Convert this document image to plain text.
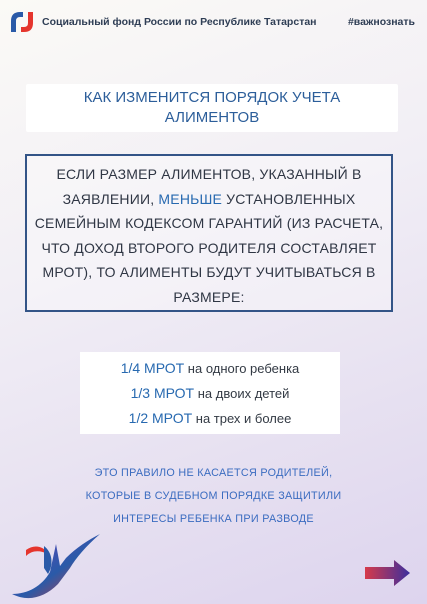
Социальный фонд России по Республике Татарстан	#важнознать
КАК ИЗМЕНИТСЯ ПОРЯДОК УЧЕТА
АЛИМЕНТОВ
ЕСЛИ РАЗМЕР АЛИМЕНТОВ, УКАЗАННЫЙ В ЗАЯВЛЕНИИ, МЕНЬШЕ УСТАНОВЛЕННЫХ СЕМЕЙНЫМ КОДЕКСОМ ГАРАНТИЙ (ИЗ РАСЧЕТА, ЧТО ДОХОД ВТОРОГО РОДИТЕЛЯ СОСТАВЛЯЕТ МРОТ), ТО АЛИМЕНТЫ БУДУТ УЧИТЫВАТЬСЯ В РАЗМЕРЕ:
1/4 МРОТ на одного ребенка
1/3 МРОТ на двоих детей
1/2 МРОТ на трех и более
ЭТО ПРАВИЛО НЕ КАСАЕТСЯ РОДИТЕЛЕЙ,
КОТОРЫЕ В СУДЕБНОМ ПОРЯДКЕ ЗАЩИТИЛИ
ИНТЕРЕСЫ РЕБЕНКА ПРИ РАЗВОДЕ
